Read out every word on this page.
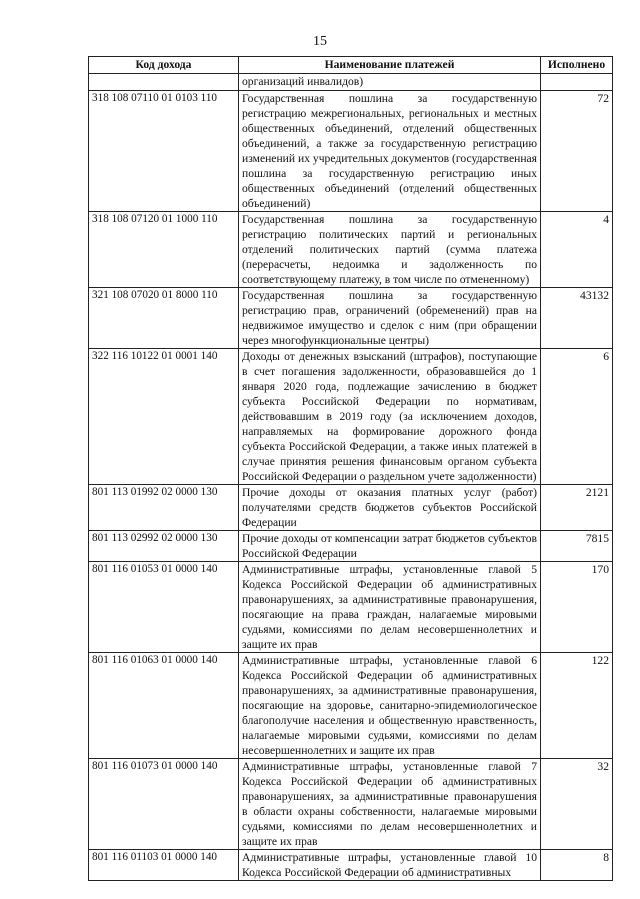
15
Код дохода	Наименование платежей	Исполнено
	организаций инвалидов)	
318 108 07110 01 0103 110	Государственная пошлина за государственную регистрацию межрегиональных, региональных и местных общественных объединений, отделений общественных объединений, а также за государственную регистрацию изменений их учредительных документов (государственная пошлина за государственную регистрацию иных общественных объединений (отделений общественных объединений)	72
318 108 07120 01 1000 110	Государственная пошлина за государственную регистрацию политических партий и региональных отделений политических партий (сумма платежа (перерасчеты, недоимка и задолженность по соответствующему платежу, в том числе по отмененному)	4
321 108 07020 01 8000 110	Государственная пошлина за государственную регистрацию прав, ограничений (обременений) прав на недвижимое имущество и сделок с ним (при обращении через многофункциональные центры)	43132
322 116 10122 01 0001 140	Доходы от денежных взысканий (штрафов), поступающие в счет погашения задолженности, образовавшейся до 1 января 2020 года, подлежащие зачислению в бюджет субъекта Российской Федерации по нормативам, действовавшим в 2019 году (за исключением доходов, направляемых на формирование дорожного фонда субъекта Российской Федерации, а также иных платежей в случае принятия решения финансовым органом субъекта Российской Федерации о раздельном учете задолженности)	6
801 113 01992 02 0000 130	Прочие доходы от оказания платных услуг (работ) получателями средств бюджетов субъектов Российской Федерации	2121
801 113 02992 02 0000 130	Прочие доходы от компенсации затрат бюджетов субъектов Российской Федерации	7815
801 116 01053 01 0000 140	Административные штрафы, установленные главой 5 Кодекса Российской Федерации об административных правонарушениях, за административные правонарушения, посягающие на права граждан, налагаемые мировыми судьями, комиссиями по делам несовершеннолетних и защите их прав	170
801 116 01063 01 0000 140	Административные штрафы, установленные главой 6 Кодекса Российской Федерации об административных правонарушениях, за административные правонарушения, посягающие на здоровье, санитарно-эпидемиологическое благополучие населения и общественную нравственность, налагаемые мировыми судьями, комиссиями по делам несовершеннолетних и защите их прав	122
801 116 01073 01 0000 140	Административные штрафы, установленные главой 7 Кодекса Российской Федерации об административных правонарушениях, за административные правонарушения в области охраны собственности, налагаемые мировыми судьями, комиссиями по делам несовершеннолетних и защите их прав	32
801 116 01103 01 0000 140	Административные штрафы, установленные главой 10 Кодекса Российской Федерации об административных	8
